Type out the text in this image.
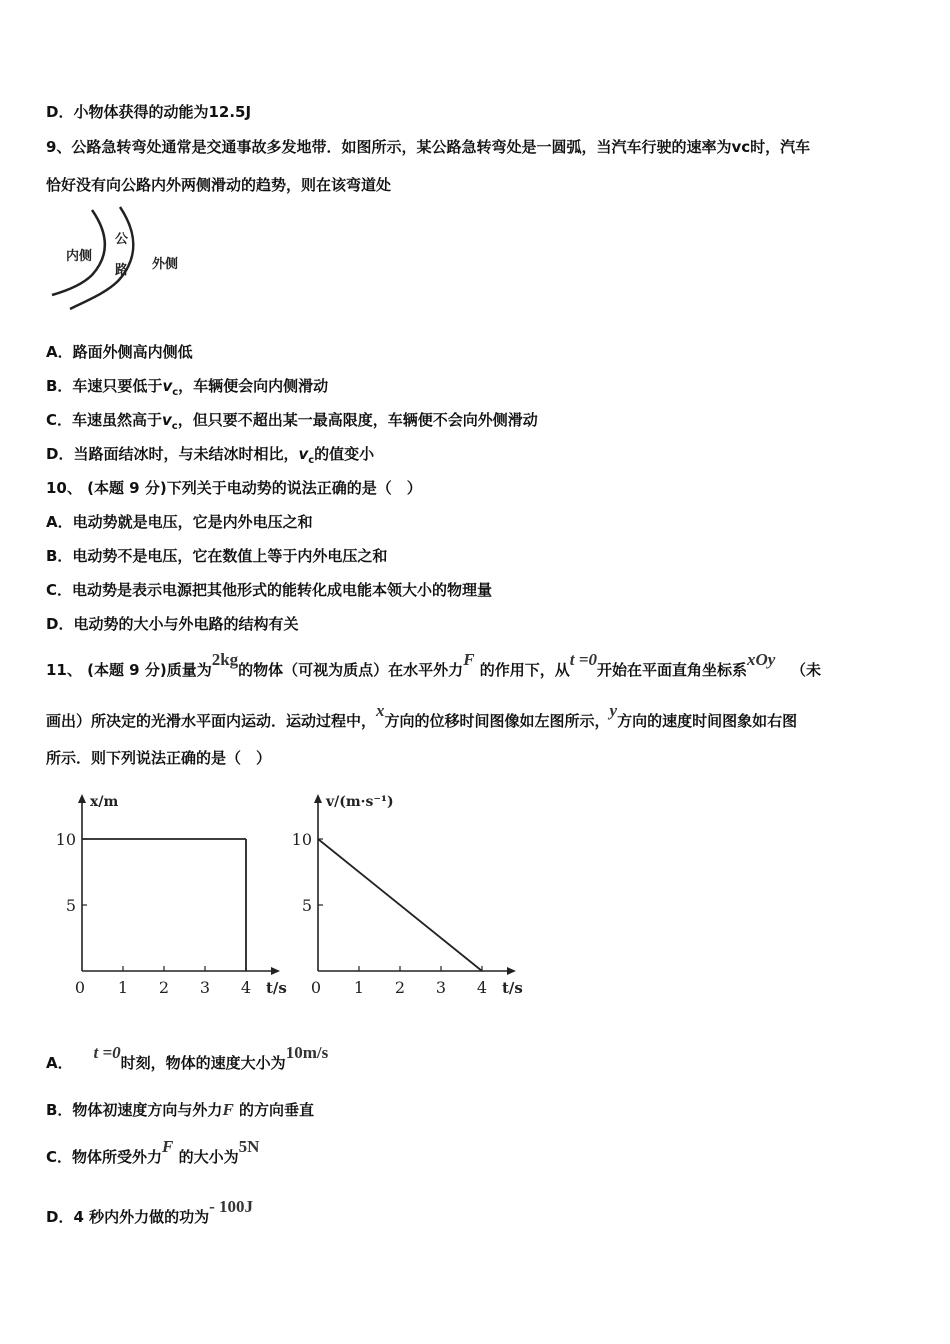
D．小物体获得的动能为12.5J
9、公路急转弯处通常是交通事故多发地带．如图所示，某公路急转弯处是一圆弧，当汽车行驶的速率为vc时，汽车
恰好没有向公路内外两侧滑动的趋势，则在该弯道处
内侧
公
路 外侧
A．路面外侧高内侧低
B．车速只要低于$v_c$，车辆便会向内侧滑动
C．车速虽然高于$v_c$，但只要不超出某一最高限度，车辆便不会向外侧滑动
D．当路面结冰时，与未结冰时相比，$v_c$的值变小
10、 (本题 9 分)下列关于电动势的说法正确的是（　）
A．电动势就是电压，它是内外电压之和
B．电动势不是电压，它在数值上等于内外电压之和
C．电动势是表示电源把其他形式的能转化成电能本领大小的物理量
D．电动势的大小与外电路的结构有关
11、 (本题 9 分)质量为2kg的物体（可视为质点）在水平外力F 的作用下，从t =0开始在平面直角坐标系xOy   （未
画出）所决定的光滑水平面内运动．运动过程中，x方向的位移时间图像如左图所示，y方向的速度时间图象如右图
所示．则下列说法正确的是（　）
x/m
t/s
0 1 2 3 4
5
10
v/(m·s⁻¹)
t/s
0 1 2 3 4
5
10
A．    t =0时刻，物体的速度大小为10m/s
B．物体初速度方向与外力F 的方向垂直
C．物体所受外力F 的大小为5N
D．4 秒内外力做的功为- 100J
